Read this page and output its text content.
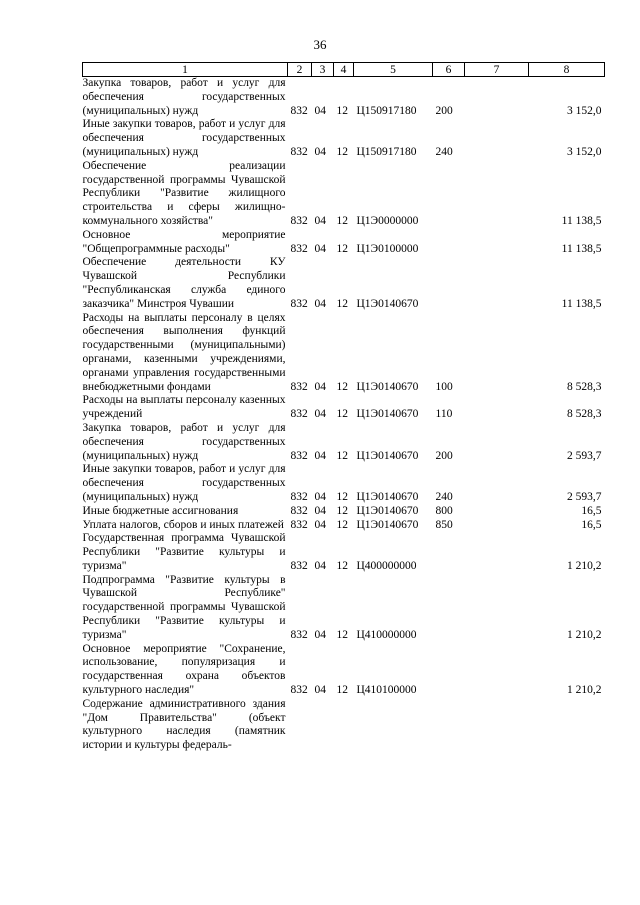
36
1	2	3	4	5	6	7	8
Закупка товаров, работ и услуг для обеспечения государственных (муниципальных) нужд	832	04	12	Ц150917180	200		3 152,0
Иные закупки товаров, работ и услуг для обеспечения государственных (муниципальных) нужд	832	04	12	Ц150917180	240		3 152,0
Обеспечение реализации государственной программы Чувашской Республики "Развитие жилищного строительства и сферы жилищно-коммунального хозяйства"	832	04	12	Ц1Э0000000			11 138,5
Основное мероприятие "Общепрограммные расходы"	832	04	12	Ц1Э0100000			11 138,5
Обеспечение деятельности КУ Чувашской Республики "Республиканская служба единого заказчика" Минстроя Чувашии	832	04	12	Ц1Э0140670			11 138,5
Расходы на выплаты персоналу в целях обеспечения выполнения функций государственными (муниципальными) органами, казенными учреждениями, органами управления государственными внебюджетными фондами	832	04	12	Ц1Э0140670	100		8 528,3
Расходы на выплаты персоналу казенных учреждений	832	04	12	Ц1Э0140670	110		8 528,3
Закупка товаров, работ и услуг для обеспечения государственных (муниципальных) нужд	832	04	12	Ц1Э0140670	200		2 593,7
Иные закупки товаров, работ и услуг для обеспечения государственных (муниципальных) нужд	832	04	12	Ц1Э0140670	240		2 593,7
Иные бюджетные ассигнования	832	04	12	Ц1Э0140670	800		16,5
Уплата налогов, сборов и иных платежей	832	04	12	Ц1Э0140670	850		16,5
Государственная программа Чувашской Республики "Развитие культуры и туризма"	832	04	12	Ц400000000			1 210,2
Подпрограмма "Развитие культуры в Чувашской Республике" государственной программы Чувашской Республики "Развитие культуры и туризма"	832	04	12	Ц410000000			1 210,2
Основное мероприятие "Сохранение, использование, популяризация и государственная охрана объектов культурного наследия"	832	04	12	Ц410100000			1 210,2
Содержание административного здания "Дом Правительства" (объект культурного наследия (памятник истории и культуры федераль-							
